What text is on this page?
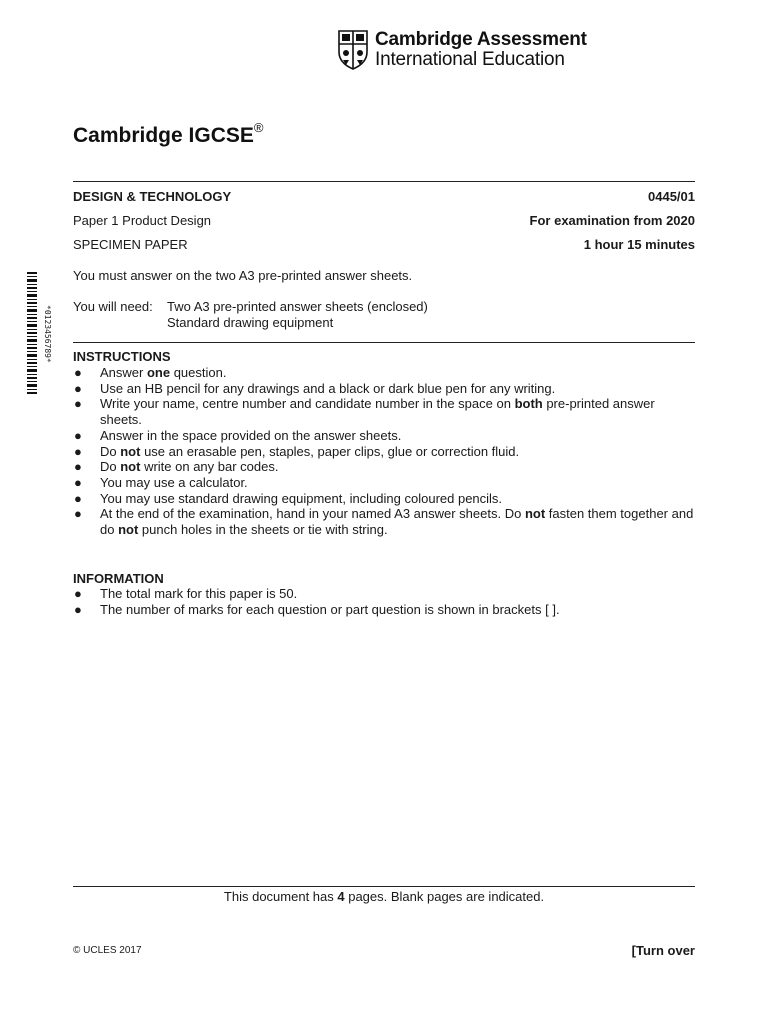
Cambridge Assessment
International Education
Cambridge IGCSE®
DESIGN & TECHNOLOGY	0445/01
Paper 1 Product Design	For examination from 2020
SPECIMEN PAPER	1 hour 15 minutes
*0123456789*
You must answer on the two A3 pre-printed answer sheets.
You will need: Two A3 pre-printed answer sheets (enclosed)
Standard drawing equipment
INSTRUCTIONS
● Answer one question.
● Use an HB pencil for any drawings and a black or dark blue pen for any writing.
● Write your name, centre number and candidate number in the space on both pre-printed answer sheets.
● Answer in the space provided on the answer sheets.
● Do not use an erasable pen, staples, paper clips, glue or correction fluid.
● Do not write on any bar codes.
● You may use a calculator.
● You may use standard drawing equipment, including coloured pencils.
● At the end of the examination, hand in your named A3 answer sheets. Do not fasten them together and do not punch holes in the sheets or tie with string.
INFORMATION
● The total mark for this paper is 50.
● The number of marks for each question or part question is shown in brackets [ ].
This document has 4 pages. Blank pages are indicated.
© UCLES 2017	[Turn over
